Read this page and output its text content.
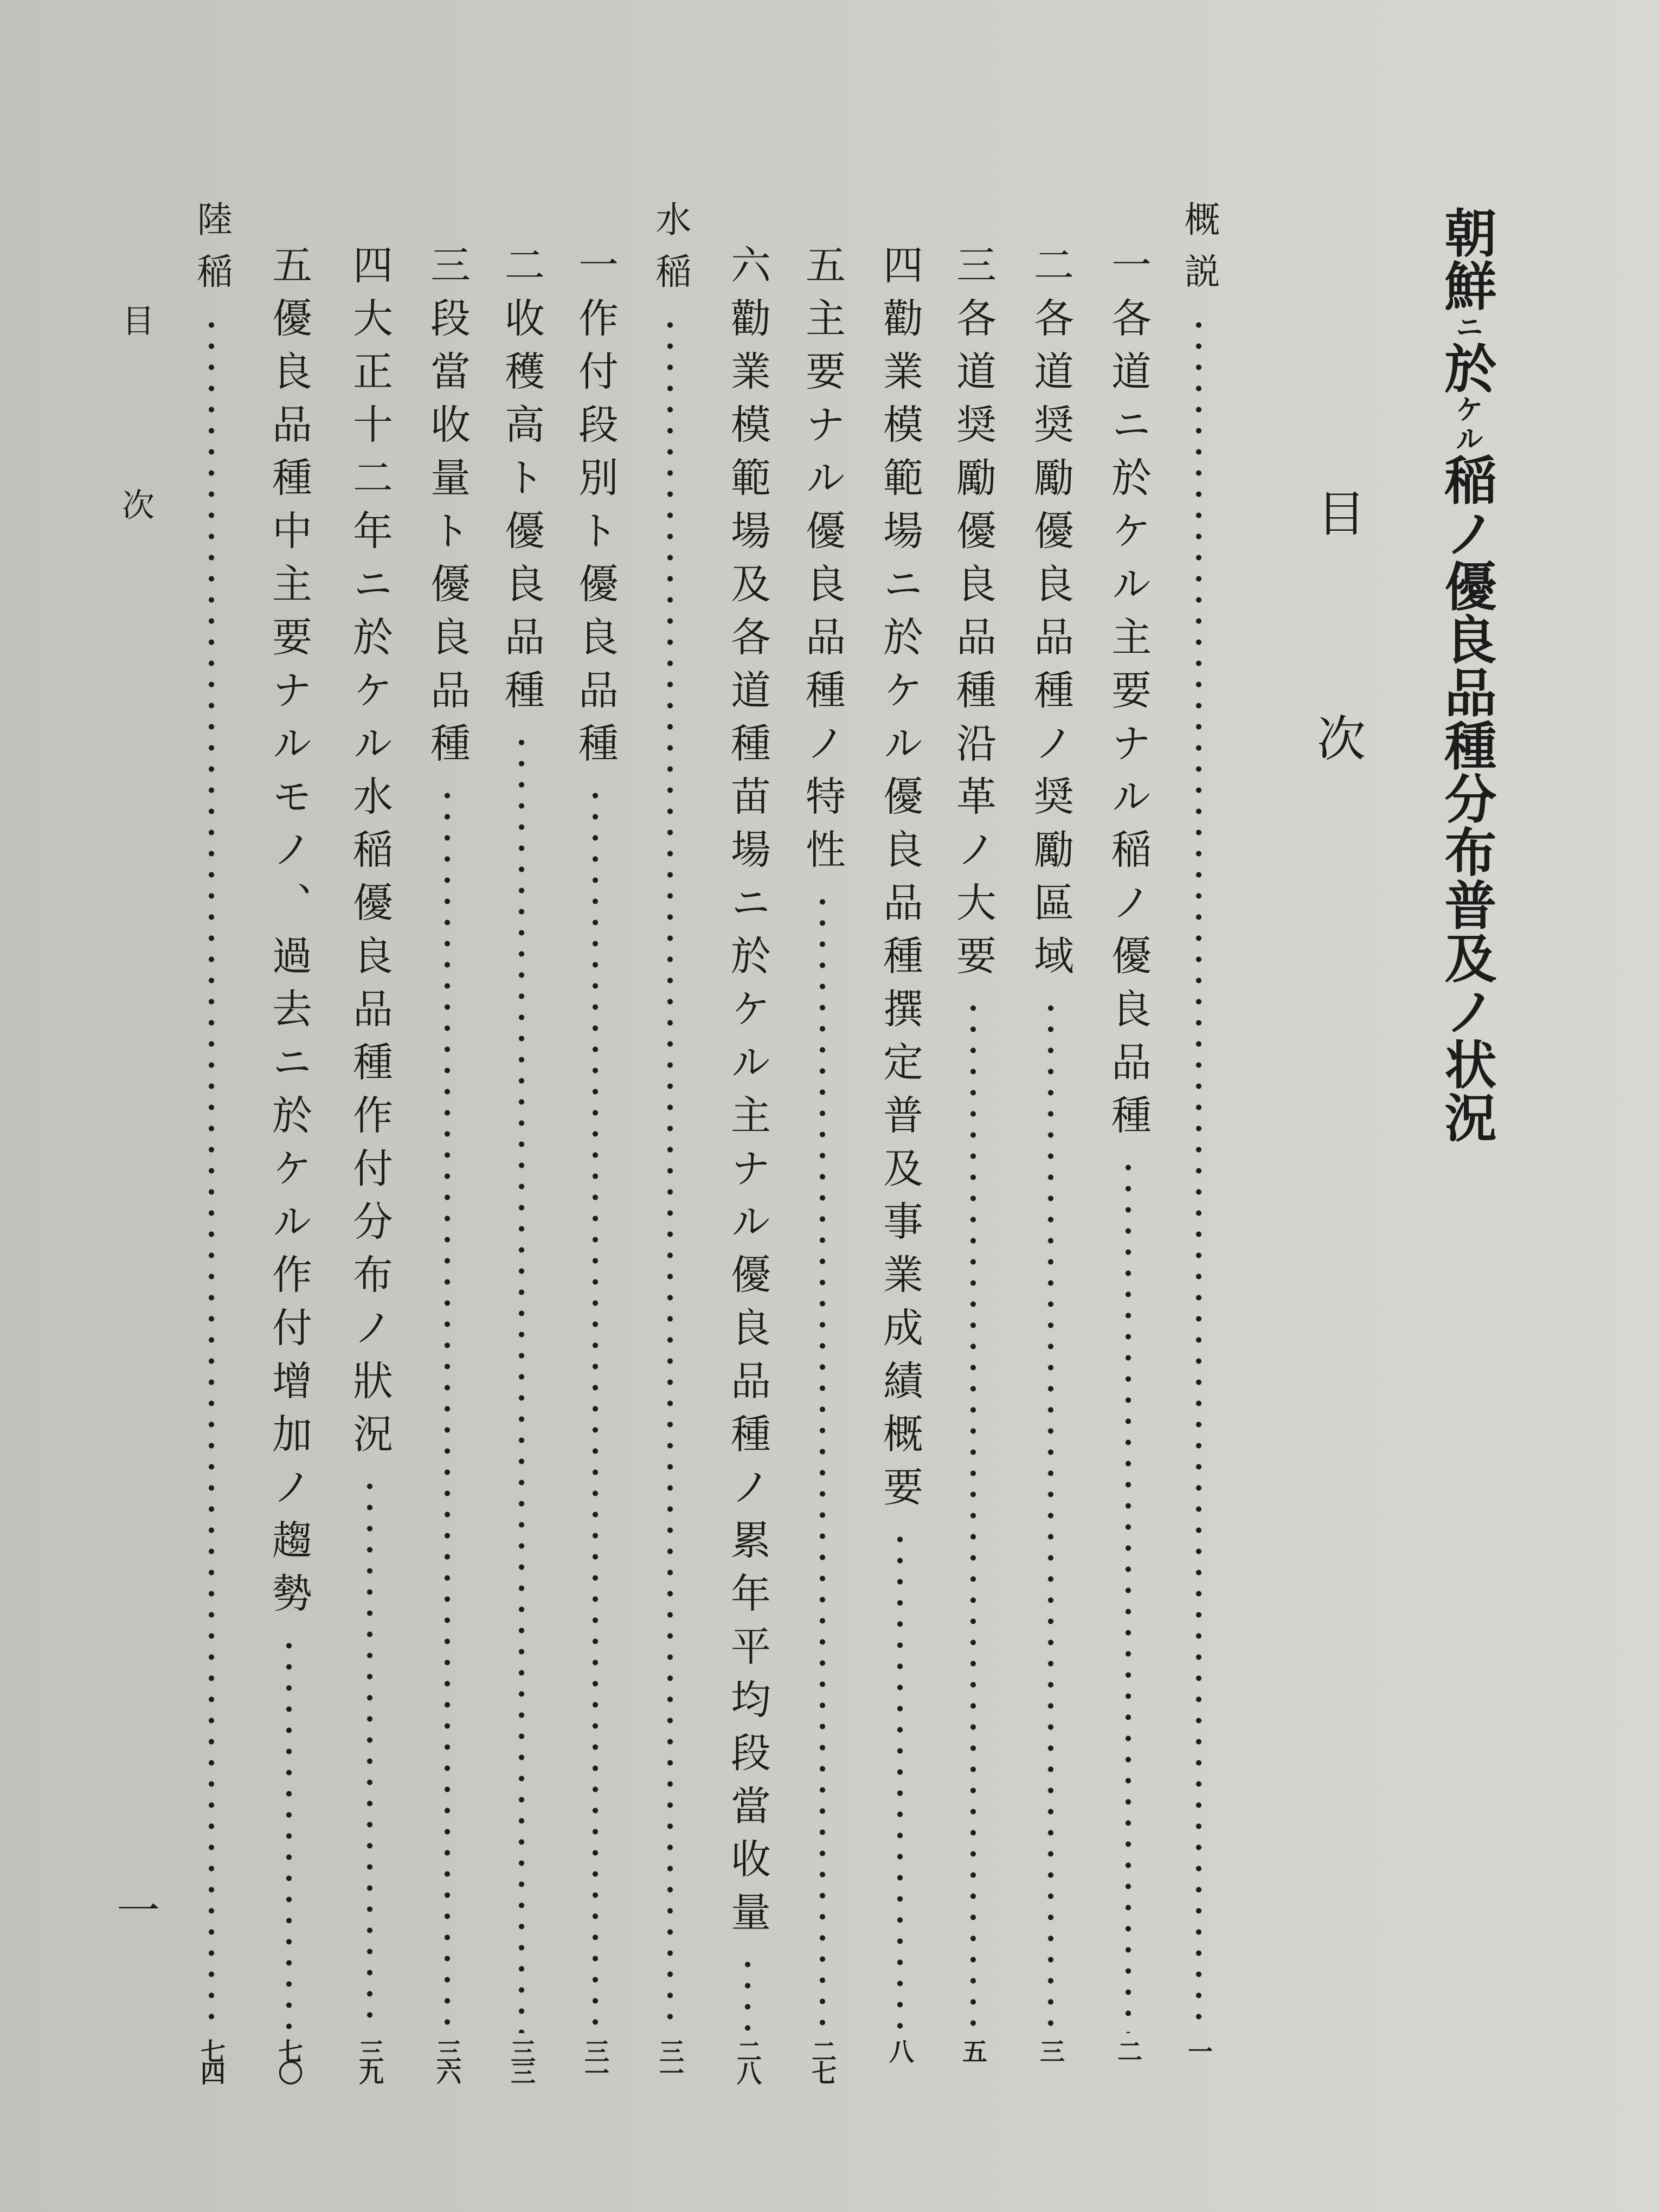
朝鮮ニ於ケル稲ノ優良品種分布普及ノ状況
目
次
概説
一
一
各道ニ於ケル主要ナル稲ノ優良品種
二
二
各道奨勵優良品種ノ奨勵區域
三
三
各道奨勵優良品種沿革ノ大要
五
四
勸業模範場ニ於ケル優良品種撰定普及事業成績概要
八
五
主要ナル優良品種ノ特性
二七
六
勸業模範場及各道種苗場ニ於ケル主ナル優良品種ノ累年平均段當收量
二八
水稲
三一
一
作付段別ト優良品種
三一
二
收穫高ト優良品種
三三
三
段當收量ト優良品種
三六
四
大正十二年ニ於ケル水稲優良品種作付分布ノ狀況
三九
五
優良品種中主要ナルモノ、過去ニ於ケル作付增加ノ趨勢
七〇
陸稲
七四
目次
一
